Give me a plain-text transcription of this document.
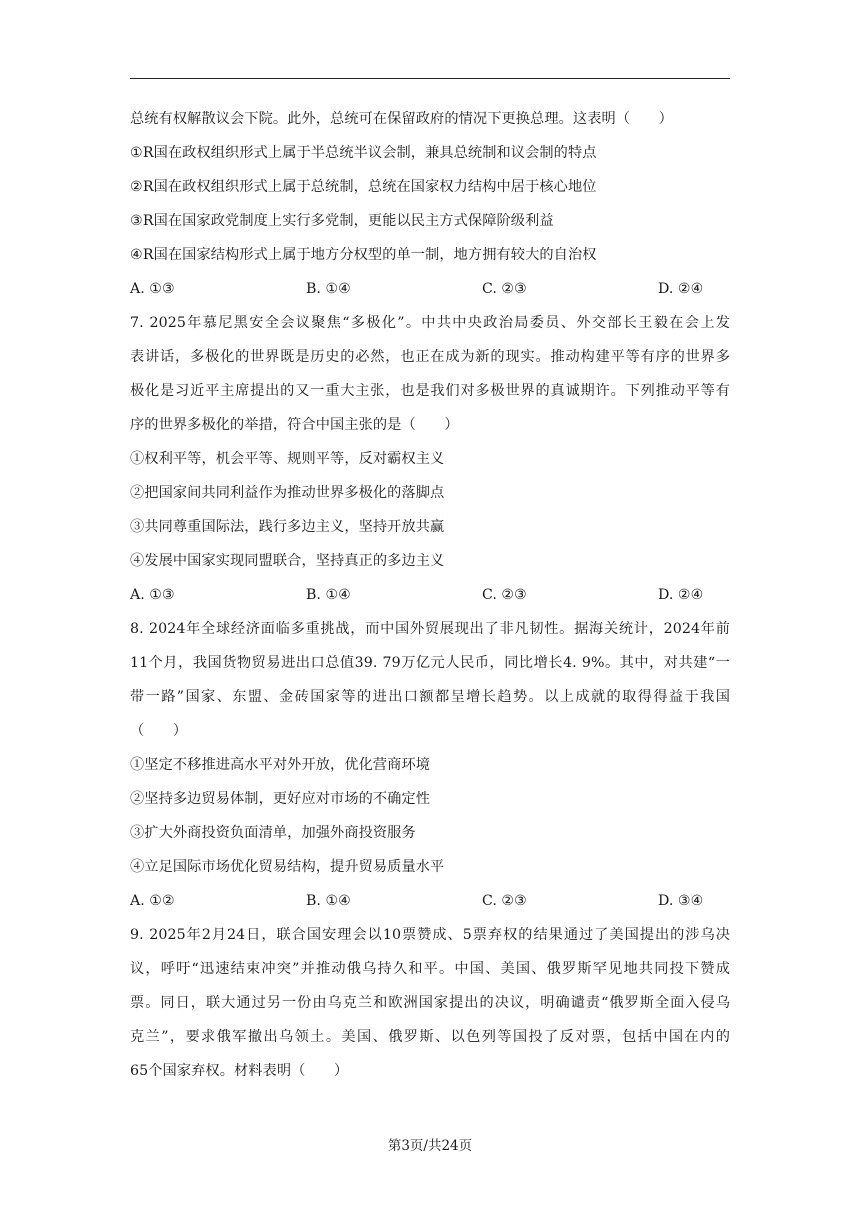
总统有权解散议会下院。此外，总统可在保留政府的情况下更换总理。这表明（　　）
①R国在政权组织形式上属于半总统半议会制，兼具总统制和议会制的特点
②R国在政权组织形式上属于总统制，总统在国家权力结构中居于核心地位
③R国在国家政党制度上实行多党制，更能以民主方式保障阶级利益
④R国在国家结构形式上属于地方分权型的单一制，地方拥有较大的自治权
A. ①③	B. ①④	C. ②③	D. ②④
7. 2025年慕尼黑安全会议聚焦“多极化”。中共中央政治局委员、外交部长王毅在会上发
表讲话，多极化的世界既是历史的必然，也正在成为新的现实。推动构建平等有序的世界多
极化是习近平主席提出的又一重大主张，也是我们对多极世界的真诚期许。下列推动平等有
序的世界多极化的举措，符合中国主张的是（　　）
①权利平等，机会平等、规则平等，反对霸权主义
②把国家间共同利益作为推动世界多极化的落脚点
③共同尊重国际法，践行多边主义，坚持开放共赢
④发展中国家实现同盟联合，坚持真正的多边主义
A. ①③	B. ①④	C. ②③	D. ②④
8. 2024年全球经济面临多重挑战，而中国外贸展现出了非凡韧性。据海关统计，2024年前
11个月，我国货物贸易进出口总值39. 79万亿元人民币，同比增长4. 9%。其中，对共建“一
带一路”国家、东盟、金砖国家等的进出口额都呈增长趋势。以上成就的取得得益于我国
（　　）
①坚定不移推进高水平对外开放，优化营商环境
②坚持多边贸易体制，更好应对市场的不确定性
③扩大外商投资负面清单，加强外商投资服务
④立足国际市场优化贸易结构，提升贸易质量水平
A. ①②	B. ①④	C. ②③	D. ③④
9. 2025年2月24日，联合国安理会以10票赞成、5票弃权的结果通过了美国提出的涉乌决
议，呼吁“迅速结束冲突”并推动俄乌持久和平。中国、美国、俄罗斯罕见地共同投下赞成
票。同日，联大通过另一份由乌克兰和欧洲国家提出的决议，明确谴责“俄罗斯全面入侵乌
克兰”，要求俄军撤出乌领土。美国、俄罗斯、以色列等国投了反对票，包括中国在内的
65个国家弃权。材料表明（　　）
第3页/共24页
